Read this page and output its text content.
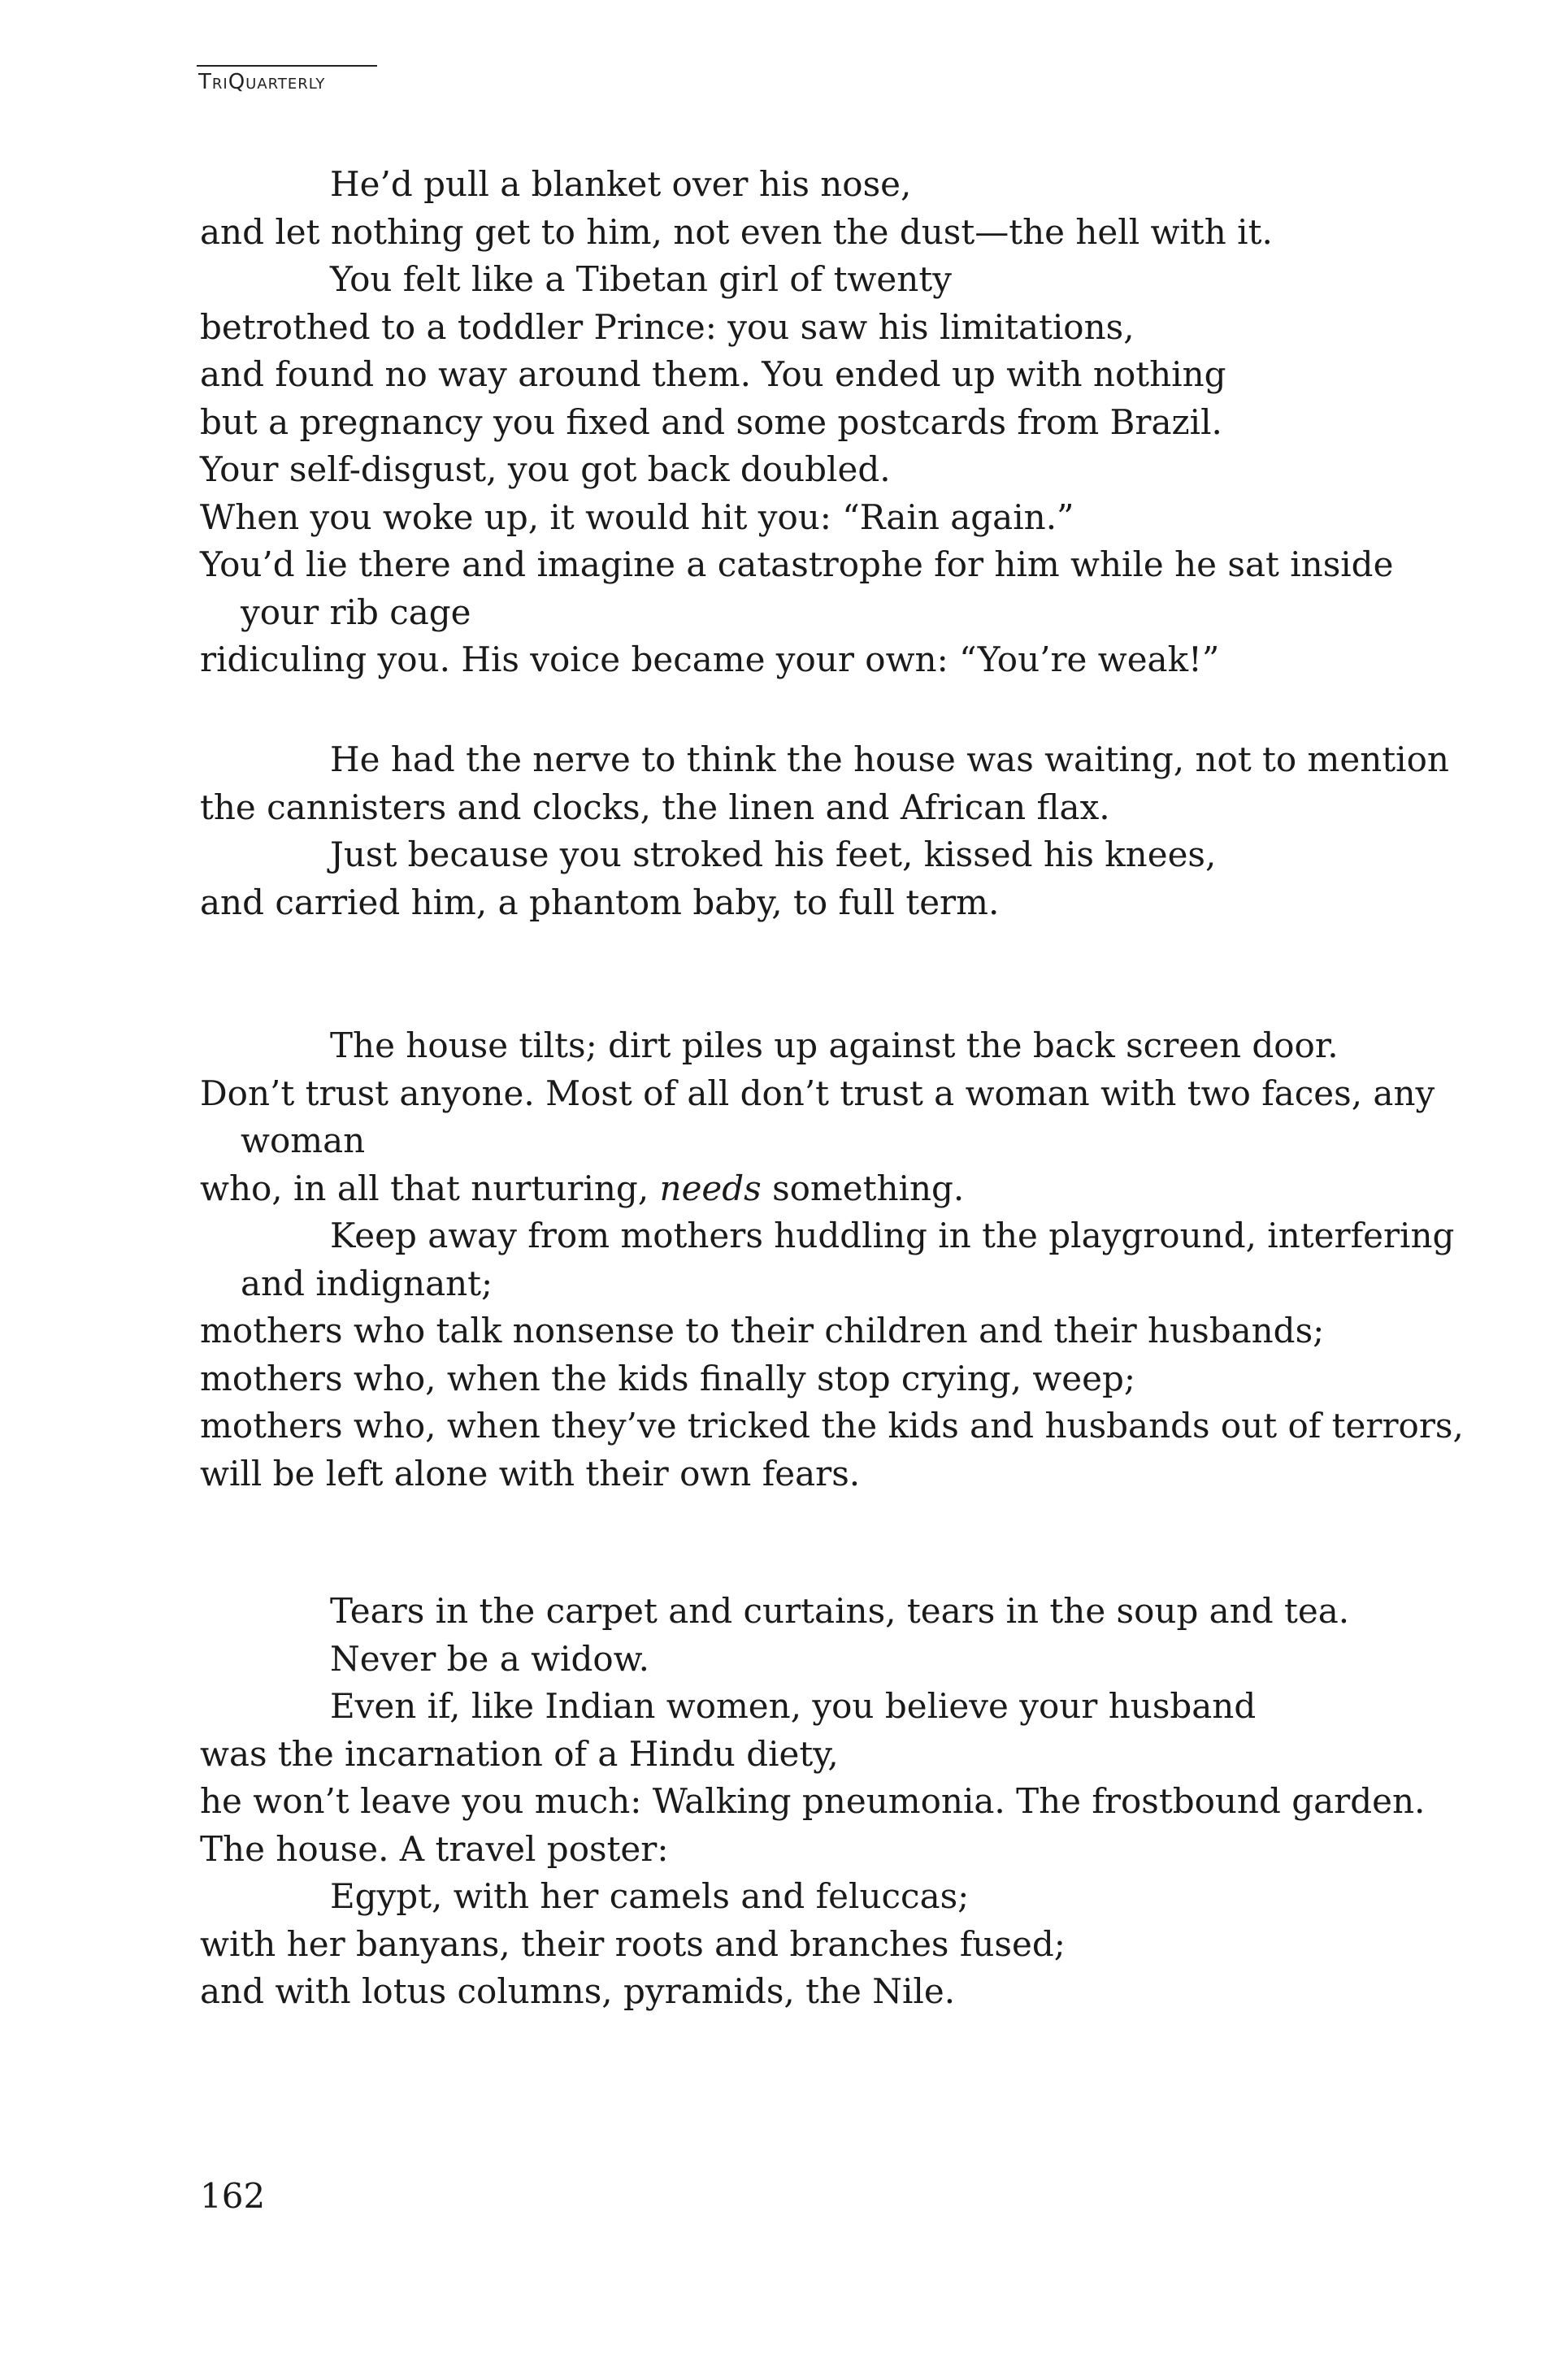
TriQuarterly
He’d pull a blanket over his nose,
and let nothing get to him, not even the dust—the hell with it.
You felt like a Tibetan girl of twenty
betrothed to a toddler Prince: you saw his limitations,
and found no way around them. You ended up with nothing
but a pregnancy you fixed and some postcards from Brazil.
Your self-disgust, you got back doubled.
When you woke up, it would hit you: “Rain again.”
You’d lie there and imagine a catastrophe for him while he sat inside
your rib cage
ridiculing you. His voice became your own: “You’re weak!”
He had the nerve to think the house was waiting, not to mention
the cannisters and clocks, the linen and African flax.
Just because you stroked his feet, kissed his knees,
and carried him, a phantom baby, to full term.
The house tilts; dirt piles up against the back screen door.
Don’t trust anyone. Most of all don’t trust a woman with two faces, any
woman
who, in all that nurturing, needs something.
Keep away from mothers huddling in the playground, interfering
and indignant;
mothers who talk nonsense to their children and their husbands;
mothers who, when the kids finally stop crying, weep;
mothers who, when they’ve tricked the kids and husbands out of terrors,
will be left alone with their own fears.
Tears in the carpet and curtains, tears in the soup and tea.
Never be a widow.
Even if, like Indian women, you believe your husband
was the incarnation of a Hindu diety,
he won’t leave you much: Walking pneumonia. The frostbound garden.
The house. A travel poster:
Egypt, with her camels and feluccas;
with her banyans, their roots and branches fused;
and with lotus columns, pyramids, the Nile.
162
